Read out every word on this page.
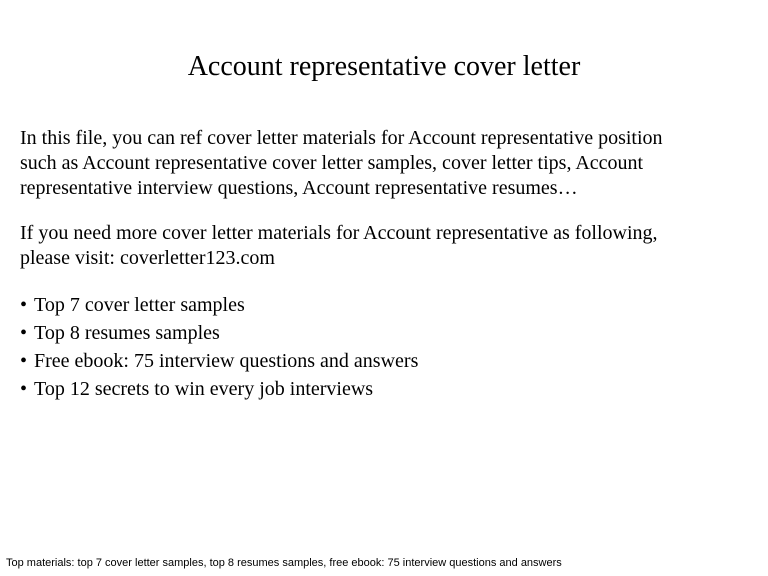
Account representative cover letter

In this file, you can ref cover letter materials for Account representative position
such as Account representative cover letter samples, cover letter tips, Account
representative interview questions, Account representative resumes…

If you need more cover letter materials for Account representative as following,
please visit: coverletter123.com

• Top 7 cover letter samples
• Top 8 resumes samples
• Free ebook: 75 interview questions and answers
• Top 12 secrets to win every job interviews
Top materials: top 7 cover letter samples, top 8 resumes samples, free ebook: 75 interview questions and answers
